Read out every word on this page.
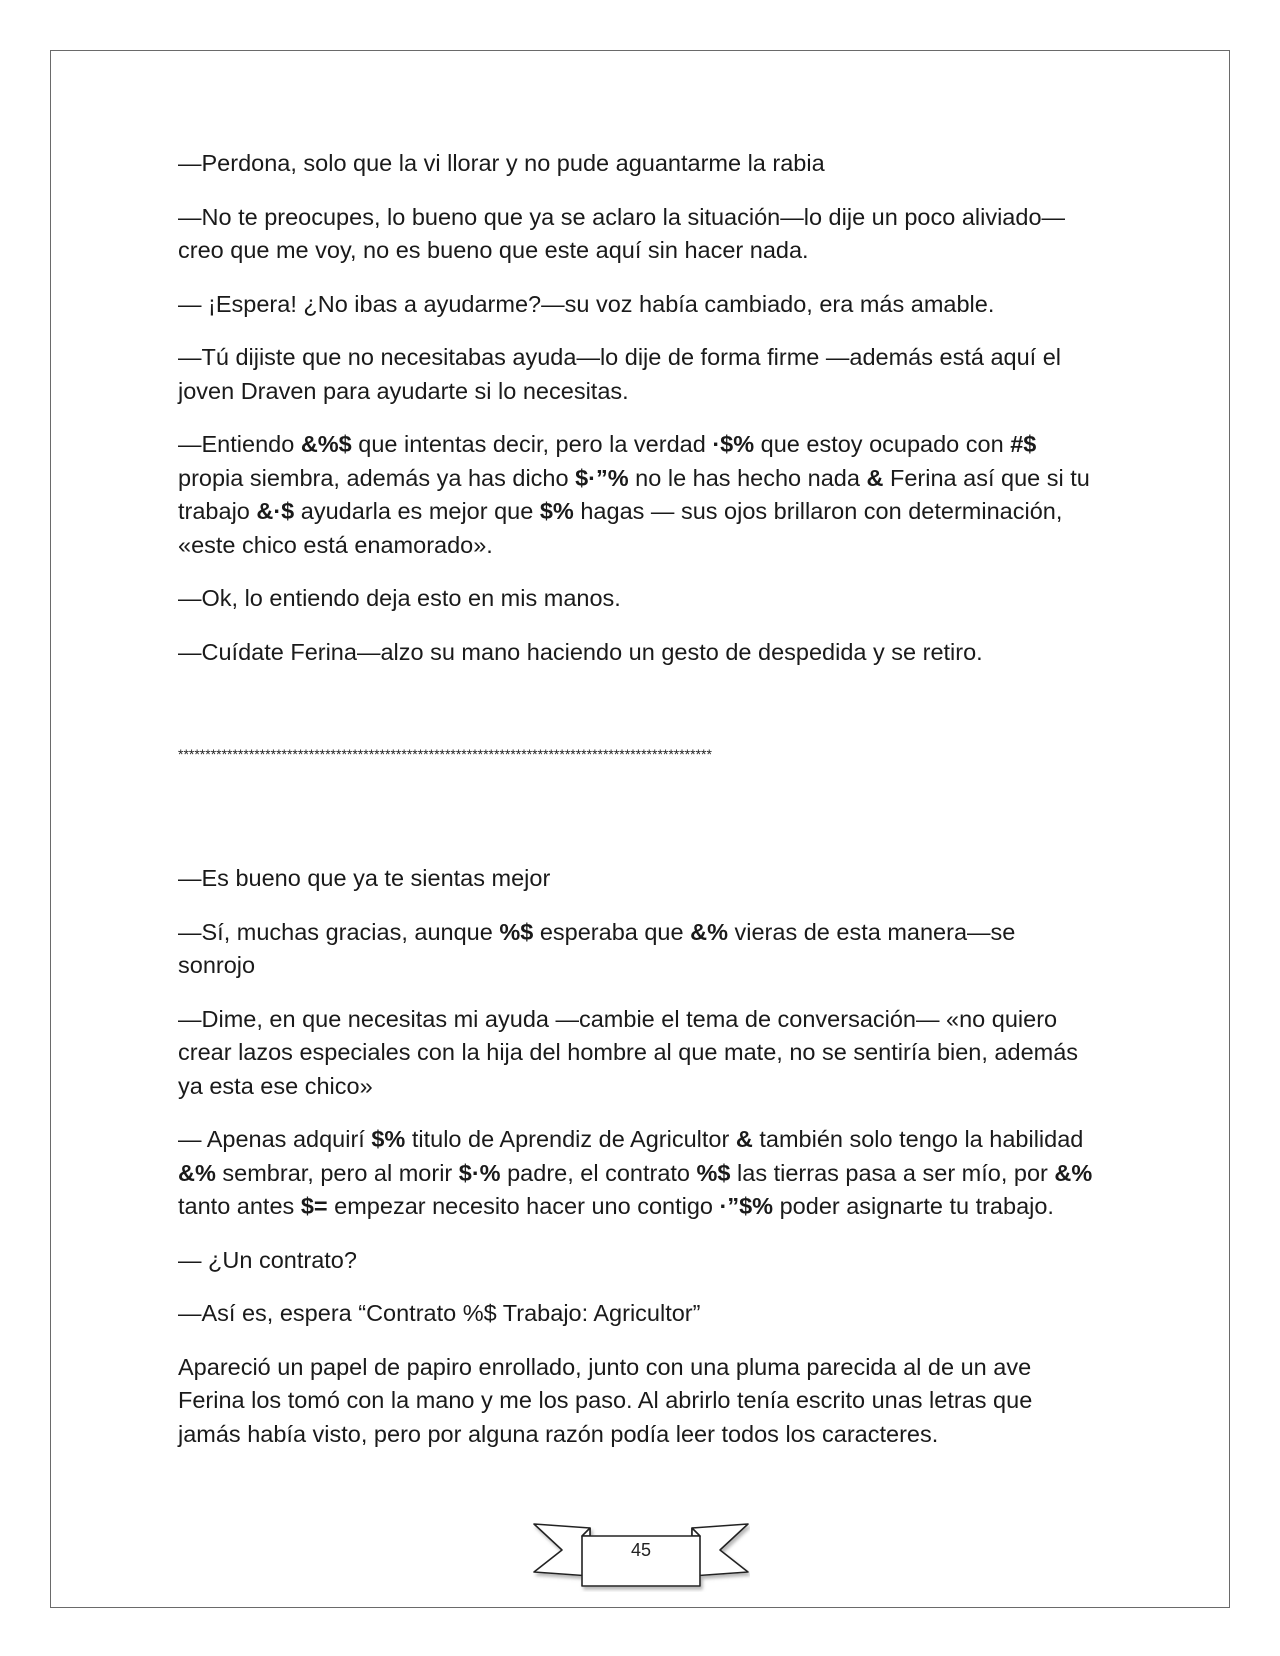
—Perdona, solo que la vi llorar y no pude aguantarme la rabia

—No te preocupes, lo bueno que ya se aclaro la situación—lo dije un poco aliviado—creo que me voy, no es bueno que este aquí sin hacer nada.

— ¡Espera! ¿No ibas a ayudarme?—su voz había cambiado, era más amable.

—Tú dijiste que no necesitabas ayuda—lo dije de forma firme —además está aquí el joven Draven para ayudarte si lo necesitas.

—Entiendo &%$ que intentas decir, pero la verdad ·$% que estoy ocupado con #$ propia siembra, además ya has dicho $·”% no le has hecho nada & Ferina así que si tu trabajo &·$ ayudarla es mejor que $% hagas — sus ojos brillaron con determinación, «este chico está enamorado».

—Ok, lo entiendo deja esto en mis manos.

—Cuídate Ferina—alzo su mano haciendo un gesto de despedida y se retiro.

**************************************************************************************************

—Es bueno que ya te sientas mejor

—Sí, muchas gracias, aunque %$ esperaba que &% vieras de esta manera—se sonrojo

—Dime, en que necesitas mi ayuda —cambie el tema de conversación— «no quiero crear lazos especiales con la hija del hombre al que mate, no se sentiría bien, además ya esta ese chico»

— Apenas adquirí $% titulo de Aprendiz de Agricultor & también solo tengo la habilidad &% sembrar, pero al morir $·% padre, el contrato %$ las tierras pasa a ser mío, por &% tanto antes $= empezar necesito hacer uno contigo ·”$% poder asignarte tu trabajo.

— ¿Un contrato?

—Así es, espera “Contrato %$ Trabajo: Agricultor”

Apareció un papel de papiro enrollado, junto con una pluma parecida al de un ave Ferina los tomó con la mano y me los paso. Al abrirlo tenía escrito unas letras que jamás había visto, pero por alguna razón podía leer todos los caracteres.

45
